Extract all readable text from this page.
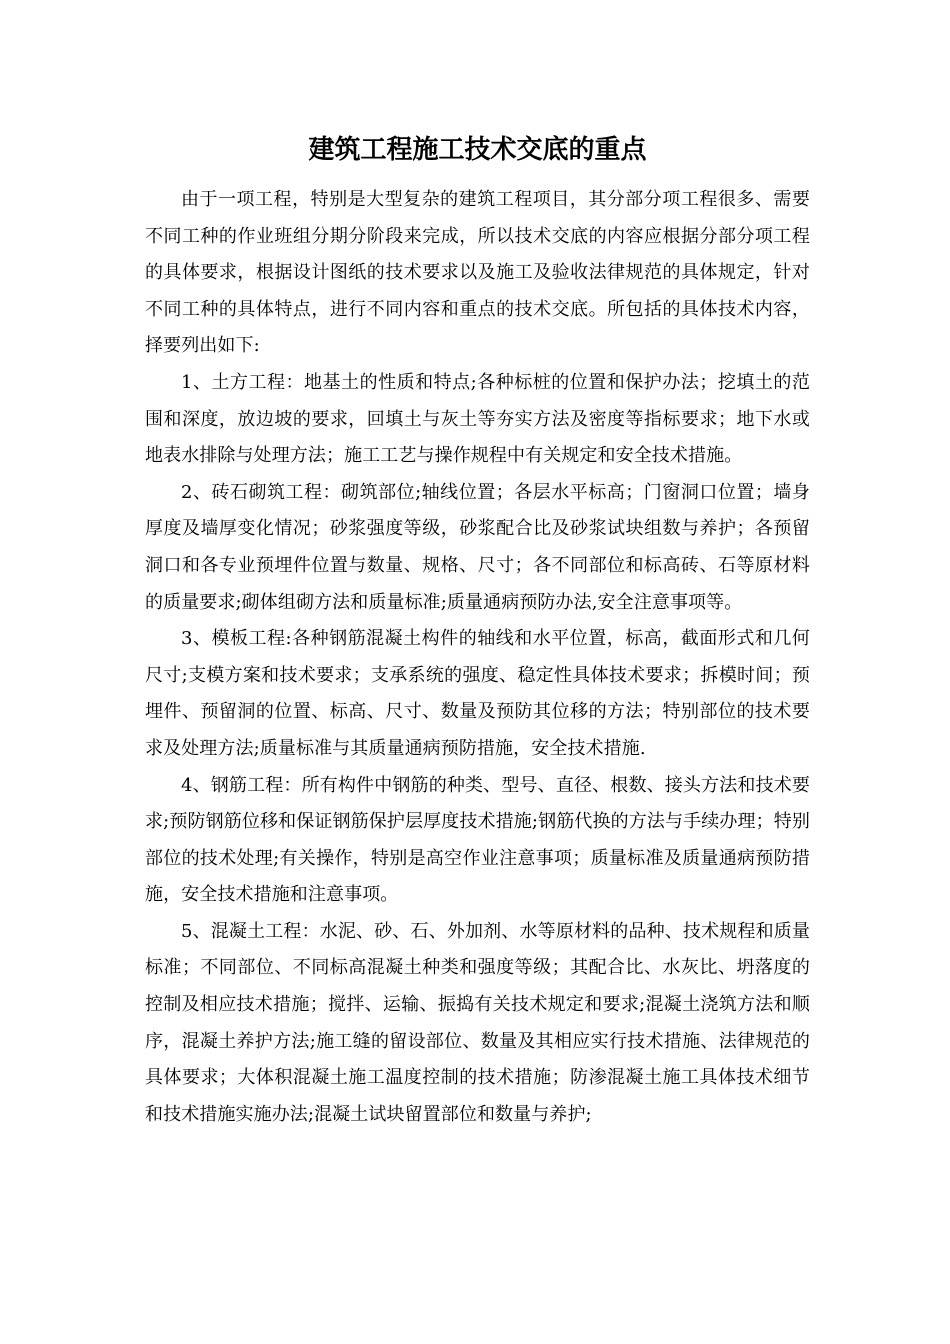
建筑工程施工技术交底的重点

由于一项工程，特别是大型复杂的建筑工程项目，其分部分项工程很多、需要不同工种的作业班组分期分阶段来完成，所以技术交底的内容应根据分部分项工程的具体要求，根据设计图纸的技术要求以及施工及验收法律规范的具体规定，针对不同工种的具体特点，进行不同内容和重点的技术交底。所包括的具体技术内容，择要列出如下:

1、土方工程：地基土的性质和特点;各种标桩的位置和保护办法；挖填土的范围和深度，放边坡的要求，回填土与灰土等夯实方法及密度等指标要求；地下水或地表水排除与处理方法；施工工艺与操作规程中有关规定和安全技术措施。

2、砖石砌筑工程：砌筑部位;轴线位置；各层水平标高；门窗洞口位置；墙身厚度及墙厚变化情况；砂浆强度等级，砂浆配合比及砂浆试块组数与养护；各预留洞口和各专业预埋件位置与数量、规格、尺寸；各不同部位和标高砖、石等原材料的质量要求;砌体组砌方法和质量标准;质量通病预防办法,安全注意事项等。

3、模板工程:各种钢筋混凝土构件的轴线和水平位置，标高，截面形式和几何尺寸;支模方案和技术要求；支承系统的强度、稳定性具体技术要求；拆模时间；预埋件、预留洞的位置、标高、尺寸、数量及预防其位移的方法；特别部位的技术要求及处理方法;质量标准与其质量通病预防措施，安全技术措施.

4、钢筋工程：所有构件中钢筋的种类、型号、直径、根数、接头方法和技术要求;预防钢筋位移和保证钢筋保护层厚度技术措施;钢筋代换的方法与手续办理；特别部位的技术处理;有关操作，特别是高空作业注意事项；质量标准及质量通病预防措施，安全技术措施和注意事项。

5、混凝土工程：水泥、砂、石、外加剂、水等原材料的品种、技术规程和质量标准；不同部位、不同标高混凝土种类和强度等级；其配合比、水灰比、坍落度的控制及相应技术措施；搅拌、运输、振捣有关技术规定和要求;混凝土浇筑方法和顺序，混凝土养护方法;施工缝的留设部位、数量及其相应实行技术措施、法律规范的具体要求；大体积混凝土施工温度控制的技术措施；防渗混凝土施工具体技术细节和技术措施实施办法;混凝土试块留置部位和数量与养护;
